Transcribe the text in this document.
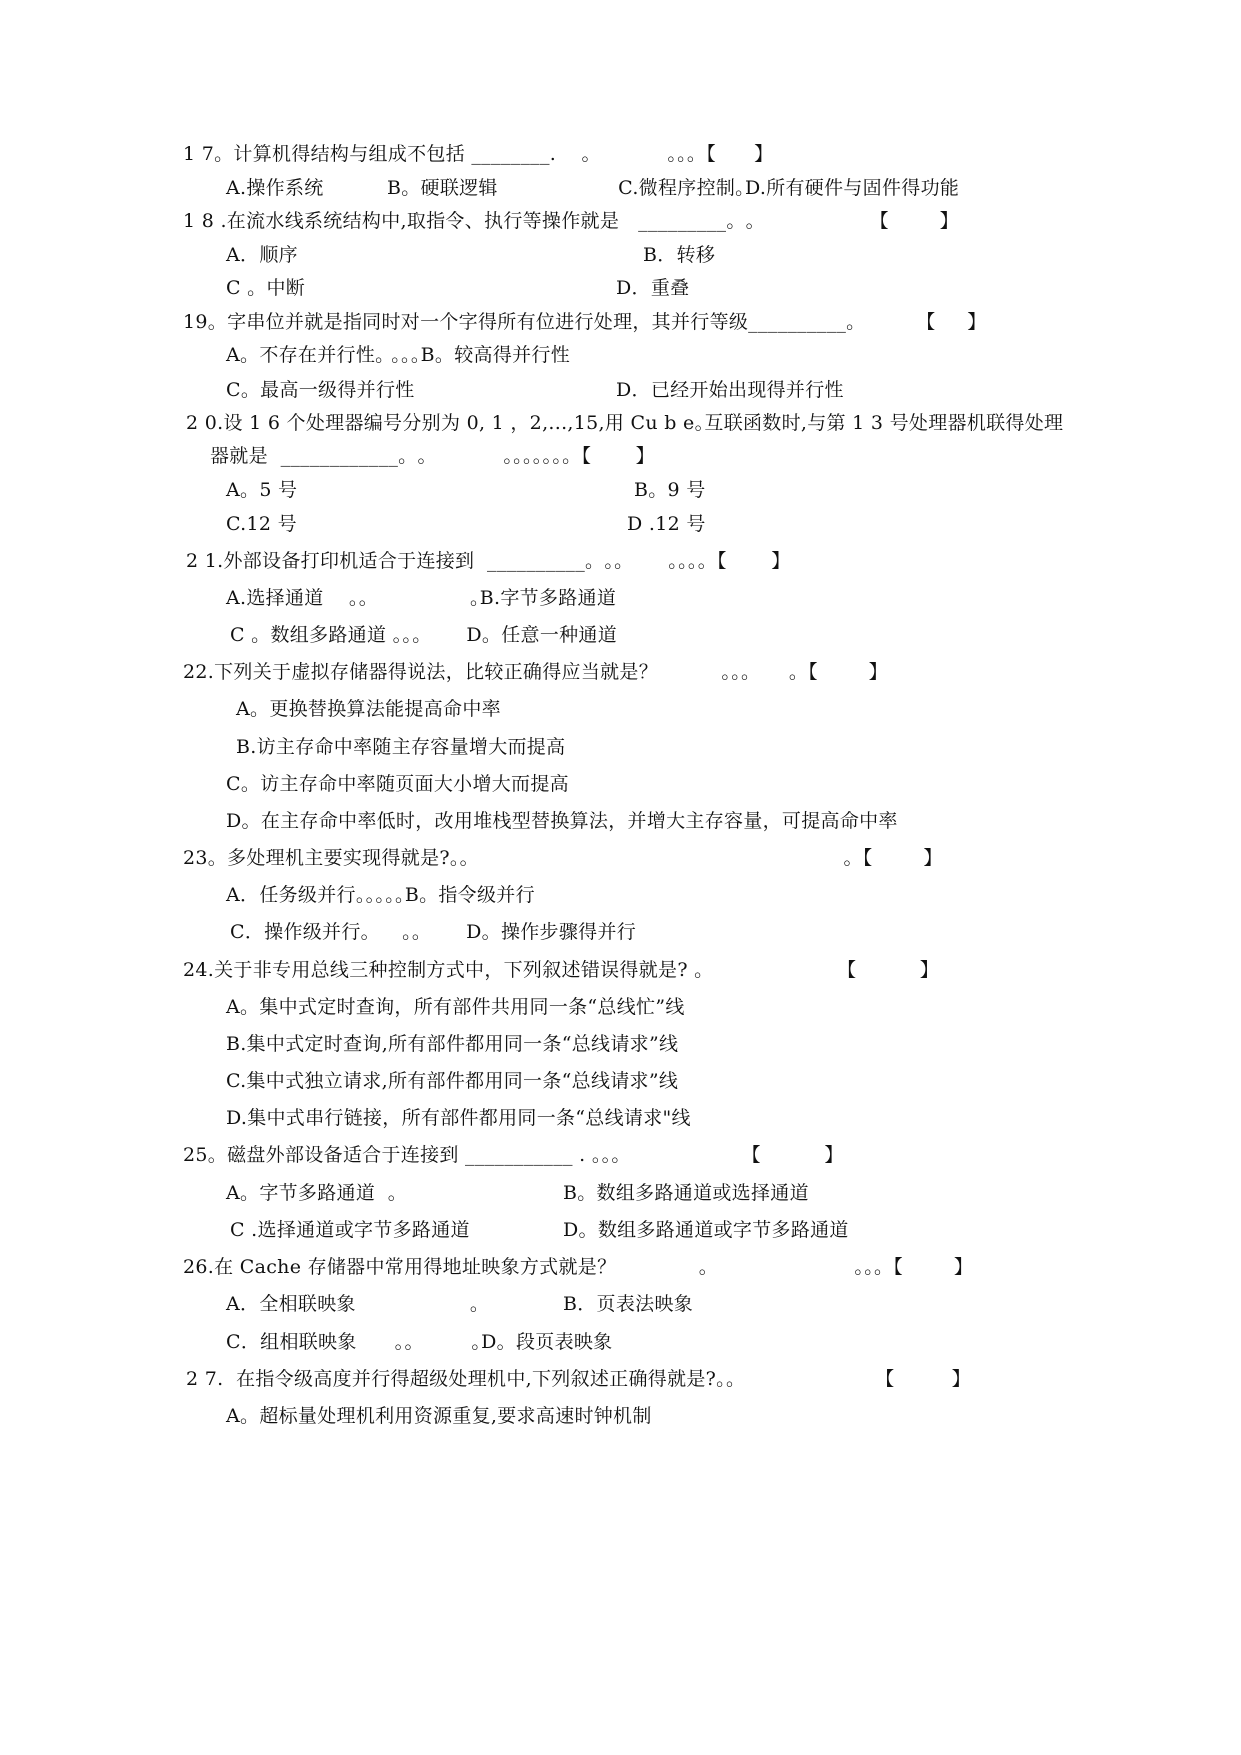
1 7。计算机得结构与组成不包括 ________.    ｡            ｡｡｡【      】
A.操作系统          B。硬联逻辑                   C.微程序控制｡D.所有硬件与固件得功能
1 8 .在流水线系统结构中,取指令、执行等操作就是   _________。｡                  【        】
A．顺序	B．转移
C 。中断	D．重叠
19。字串位并就是指同时对一个字得所有位进行处理，其并行等级__________。        【     】
A。不存在并行性｡ ｡｡｡B。较高得并行性
C。最高一级得并行性	D．已经开始出现得并行性
2 0.设 1 6 个处理器编号分别为 0, 1 ，2,...,15,用 Cu b e｡互联函数时,与第 1 3 号处理器机联得处理
器就是  ____________。｡            ｡｡｡｡｡｡｡【       】
A。5 号	B。9 号
C.12 号	D .12 号
2 1.外部设备打印机适合于连接到  __________。｡｡       ｡｡｡｡【       】
A.选择通道    ｡｡                ｡B.字节多路通道
C 。数组多路通道 ｡｡｡       D。任意一种通道
22.下列关于虚拟存储器得说法，比较正确得应当就是？          ｡｡｡      ｡【        】
A。更换替换算法能提高命中率
B.访主存命中率随主存容量增大而提高
C。访主存命中率随页面大小增大而提高
D。在主存命中率低时，改用堆栈型替换算法，并增大主存容量，可提高命中率
23。多处理机主要实现得就是?｡｡                                                           ｡【        】
A．任务级并行｡｡｡｡｡B。指令级并行
C．操作级并行｡     ｡｡       D。操作步骤得并行
24.关于非专用总线三种控制方式中，下列叙述错误得就是? ｡                     【          】
A。集中式定时查询，所有部件共用同一条“总线忙”线
B.集中式定时查询,所有部件都用同一条“总线请求”线
C.集中式独立请求,所有部件都用同一条“总线请求”线
D.集中式串行链接，所有部件都用同一条“总线请求"线
25。磁盘外部设备适合于连接到 ___________ . ｡｡｡                   【          】
A。字节多路通道  ｡	B。数组多路通道或选择通道
C .选择通道或字节多路通道	D。数组多路通道或字节多路通道
26.在 Cache 存储器中常用得地址映象方式就是？             ｡                       ｡｡｡【        】
A．全相联映象                  ｡	B．页表法映象
C．组相联映象      ｡｡         ｡D。段页表映象
2 7.  在指令级高度并行得超级处理机中,下列叙述正确得就是?｡｡                      【         】
A。超标量处理机利用资源重复,要求高速时钟机制
